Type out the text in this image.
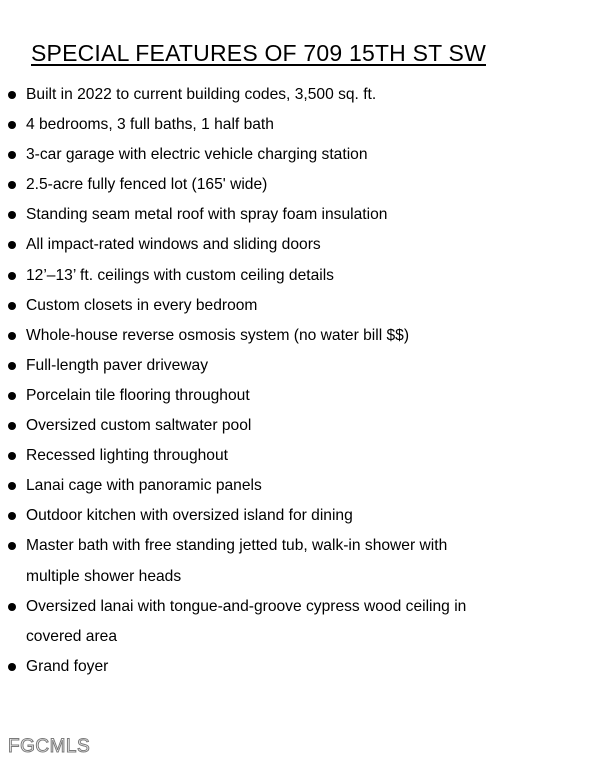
SPECIAL FEATURES OF 709 15TH ST SW
Built in 2022 to current building codes, 3,500 sq. ft.
4 bedrooms, 3 full baths, 1 half bath
3-car garage with electric vehicle charging station
2.5-acre fully fenced lot (165' wide)
Standing seam metal roof with spray foam insulation
All impact-rated windows and sliding doors
12’–13’ ft. ceilings with custom ceiling details
Custom closets in every bedroom
Whole-house reverse osmosis system (no water bill $$)
Full-length paver driveway
Porcelain tile flooring throughout
Oversized custom saltwater pool
Recessed lighting throughout
Lanai cage with panoramic panels
Outdoor kitchen with oversized island for dining
Master bath with free standing jetted tub, walk-in shower with
multiple shower heads
Oversized lanai with tongue-and-groove cypress wood ceiling in
covered area
Grand foyer
FGCMLS
